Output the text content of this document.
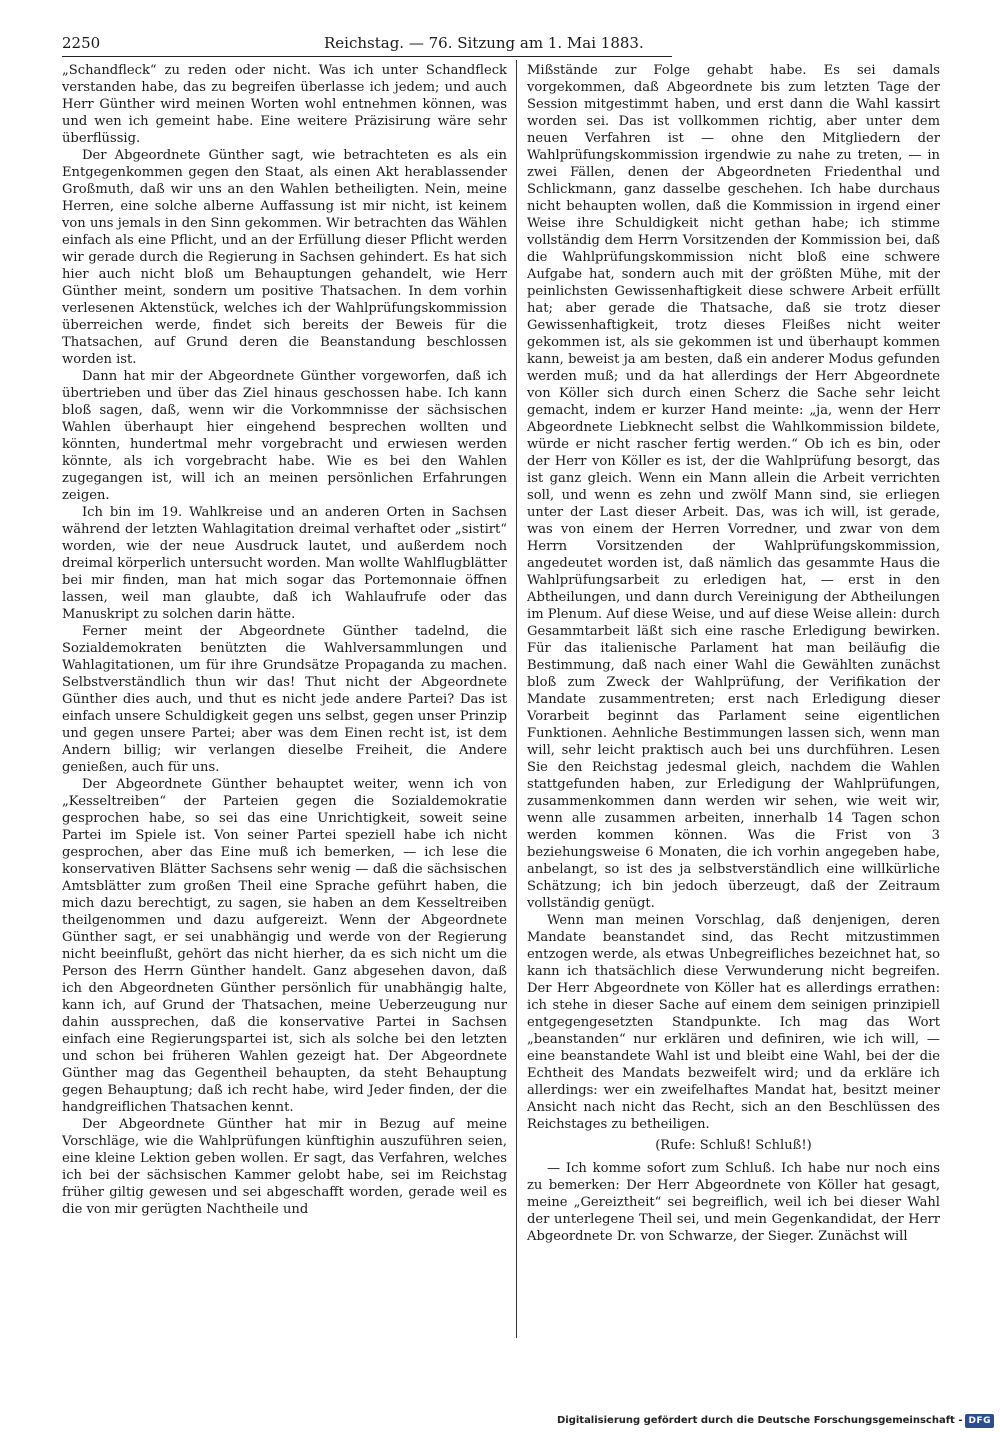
2250	Reichstag. — 76. Sitzung am 1. Mai 1883.

„Schandfleck“ zu reden oder nicht. Was ich unter Schandfleck verstanden habe, das zu begreifen überlasse ich jedem; und auch Herr Günther wird meinen Worten wohl entnehmen können, was und wen ich gemeint habe. Eine weitere Präzisirung wäre sehr überflüssig.

Der Abgeordnete Günther sagt, wie betrachteten es als ein Entgegenkommen gegen den Staat, als einen Akt herablassender Großmuth, daß wir uns an den Wahlen betheiligten. Nein, meine Herren, eine solche alberne Auffassung ist mir nicht, ist keinem von uns jemals in den Sinn gekommen. Wir betrachten das Wählen einfach als eine Pflicht, und an der Erfüllung dieser Pflicht werden wir gerade durch die Regierung in Sachsen gehindert. Es hat sich hier auch nicht bloß um Behauptungen gehandelt, wie Herr Günther meint, sondern um positive Thatsachen. In dem vorhin verlesenen Aktenstück, welches ich der Wahlprüfungskommission überreichen werde, findet sich bereits der Beweis für die Thatsachen, auf Grund deren die Beanstandung beschlossen worden ist.

Dann hat mir der Abgeordnete Günther vorgeworfen, daß ich übertrieben und über das Ziel hinaus geschossen habe. Ich kann bloß sagen, daß, wenn wir die Vorkommnisse der sächsischen Wahlen überhaupt hier eingehend besprechen wollten und könnten, hundertmal mehr vorgebracht und erwiesen werden könnte, als ich vorgebracht habe. Wie es bei den Wahlen zugegangen ist, will ich an meinen persönlichen Erfahrungen zeigen.

Ich bin im 19. Wahlkreise und an anderen Orten in Sachsen während der letzten Wahlagitation dreimal verhaftet oder „sistirt“ worden, wie der neue Ausdruck lautet, und außerdem noch dreimal körperlich untersucht worden. Man wollte Wahlflugblätter bei mir finden, man hat mich sogar das Portemonnaie öffnen lassen, weil man glaubte, daß ich Wahlaufrufe oder das Manuskript zu solchen darin hätte.

Ferner meint der Abgeordnete Günther tadelnd, die Sozialdemokraten benützten die Wahlversammlungen und Wahlagitationen, um für ihre Grundsätze Propaganda zu machen. Selbstverständlich thun wir das! Thut nicht der Abgeordnete Günther dies auch, und thut es nicht jede andere Partei? Das ist einfach unsere Schuldigkeit gegen uns selbst, gegen unser Prinzip und gegen unsere Partei; aber was dem Einen recht ist, ist dem Andern billig; wir verlangen dieselbe Freiheit, die Andere genießen, auch für uns.

Der Abgeordnete Günther behauptet weiter, wenn ich von „Kesseltreiben“ der Parteien gegen die Sozialdemokratie gesprochen habe, so sei das eine Unrichtigkeit, soweit seine Partei im Spiele ist. Von seiner Partei speziell habe ich nicht gesprochen, aber das Eine muß ich bemerken, — ich lese die konservativen Blätter Sachsens sehr wenig — daß die sächsischen Amtsblätter zum großen Theil eine Sprache geführt haben, die mich dazu berechtigt, zu sagen, sie haben an dem Kesseltreiben theilgenommen und dazu aufgereizt. Wenn der Abgeordnete Günther sagt, er sei unabhängig und werde von der Regierung nicht beeinflußt, gehört das nicht hierher, da es sich nicht um die Person des Herrn Günther handelt. Ganz abgesehen davon, daß ich den Abgeordneten Günther persönlich für unabhängig halte, kann ich, auf Grund der Thatsachen, meine Ueberzeugung nur dahin aussprechen, daß die konservative Partei in Sachsen einfach eine Regierungspartei ist, sich als solche bei den letzten und schon bei früheren Wahlen gezeigt hat. Der Abgeordnete Günther mag das Gegentheil behaupten, da steht Behauptung gegen Behauptung; daß ich recht habe, wird Jeder finden, der die handgreiflichen Thatsachen kennt.

Der Abgeordnete Günther hat mir in Bezug auf meine Vorschläge, wie die Wahlprüfungen künftighin auszuführen seien, eine kleine Lektion geben wollen. Er sagt, das Verfahren, welches ich bei der sächsischen Kammer gelobt habe, sei im Reichstag früher giltig gewesen und sei abgeschafft worden, gerade weil es die von mir gerügten Nachtheile und

Mißstände zur Folge gehabt habe. Es sei damals vorgekommen, daß Abgeordnete bis zum letzten Tage der Session mitgestimmt haben, und erst dann die Wahl kassirt worden sei. Das ist vollkommen richtig, aber unter dem neuen Verfahren ist — ohne den Mitgliedern der Wahlprüfungskommission irgendwie zu nahe zu treten, — in zwei Fällen, denen der Abgeordneten Friedenthal und Schlickmann, ganz dasselbe geschehen. Ich habe durchaus nicht behaupten wollen, daß die Kommission in irgend einer Weise ihre Schuldigkeit nicht gethan habe; ich stimme vollständig dem Herrn Vorsitzenden der Kommission bei, daß die Wahlprüfungskommission nicht bloß eine schwere Aufgabe hat, sondern auch mit der größten Mühe, mit der peinlichsten Gewissenhaftigkeit diese schwere Arbeit erfüllt hat; aber gerade die Thatsache, daß sie trotz dieser Gewissenhaftigkeit, trotz dieses Fleißes nicht weiter gekommen ist, als sie gekommen ist und überhaupt kommen kann, beweist ja am besten, daß ein anderer Modus gefunden werden muß; und da hat allerdings der Herr Abgeordnete von Köller sich durch einen Scherz die Sache sehr leicht gemacht, indem er kurzer Hand meinte: „ja, wenn der Herr Abgeordnete Liebknecht selbst die Wahlkommission bildete, würde er nicht rascher fertig werden.“ Ob ich es bin, oder der Herr von Köller es ist, der die Wahlprüfung besorgt, das ist ganz gleich. Wenn ein Mann allein die Arbeit verrichten soll, und wenn es zehn und zwölf Mann sind, sie erliegen unter der Last dieser Arbeit. Das, was ich will, ist gerade, was von einem der Herren Vorredner, und zwar von dem Herrn Vorsitzenden der Wahlprüfungskommission, angedeutet worden ist, daß nämlich das gesammte Haus die Wahlprüfungsarbeit zu erledigen hat, — erst in den Abtheilungen, und dann durch Vereinigung der Abtheilungen im Plenum. Auf diese Weise, und auf diese Weise allein: durch Gesammtarbeit läßt sich eine rasche Erledigung bewirken. Für das italienische Parlament hat man beiläufig die Bestimmung, daß nach einer Wahl die Gewählten zunächst bloß zum Zweck der Wahlprüfung, der Verifikation der Mandate zusammentreten; erst nach Erledigung dieser Vorarbeit beginnt das Parlament seine eigentlichen Funktionen. Aehnliche Bestimmungen lassen sich, wenn man will, sehr leicht praktisch auch bei uns durchführen. Lesen Sie den Reichstag jedesmal gleich, nachdem die Wahlen stattgefunden haben, zur Erledigung der Wahlprüfungen, zusammenkommen dann werden wir sehen, wie weit wir, wenn alle zusammen arbeiten, innerhalb 14 Tagen schon werden kommen können. Was die Frist von 3 beziehungsweise 6 Monaten, die ich vorhin angegeben habe, anbelangt, so ist des ja selbstverständlich eine willkürliche Schätzung; ich bin jedoch überzeugt, daß der Zeitraum vollständig genügt.

Wenn man meinen Vorschlag, daß denjenigen, deren Mandate beanstandet sind, das Recht mitzustimmen entzogen werde, als etwas Unbegreifliches bezeichnet hat, so kann ich thatsächlich diese Verwunderung nicht begreifen. Der Herr Abgeordnete von Köller hat es allerdings errathen: ich stehe in dieser Sache auf einem dem seinigen prinzipiell entgegengesetzten Standpunkte. Ich mag das Wort „beanstanden“ nur erklären und definiren, wie ich will, — eine beanstandete Wahl ist und bleibt eine Wahl, bei der die Echtheit des Mandats bezweifelt wird; und da erkläre ich allerdings: wer ein zweifelhaftes Mandat hat, besitzt meiner Ansicht nach nicht das Recht, sich an den Beschlüssen des Reichstages zu betheiligen.

(Rufe: Schluß! Schluß!)

— Ich komme sofort zum Schluß. Ich habe nur noch eins zu bemerken: Der Herr Abgeordnete von Köller hat gesagt, meine „Gereiztheit“ sei begreiflich, weil ich bei dieser Wahl der unterlegene Theil sei, und mein Gegenkandidat, der Herr Abgeordnete Dr. von Schwarze, der Sieger. Zunächst will

Digitalisierung gefördert durch die Deutsche Forschungsgemeinschaft - DFG
